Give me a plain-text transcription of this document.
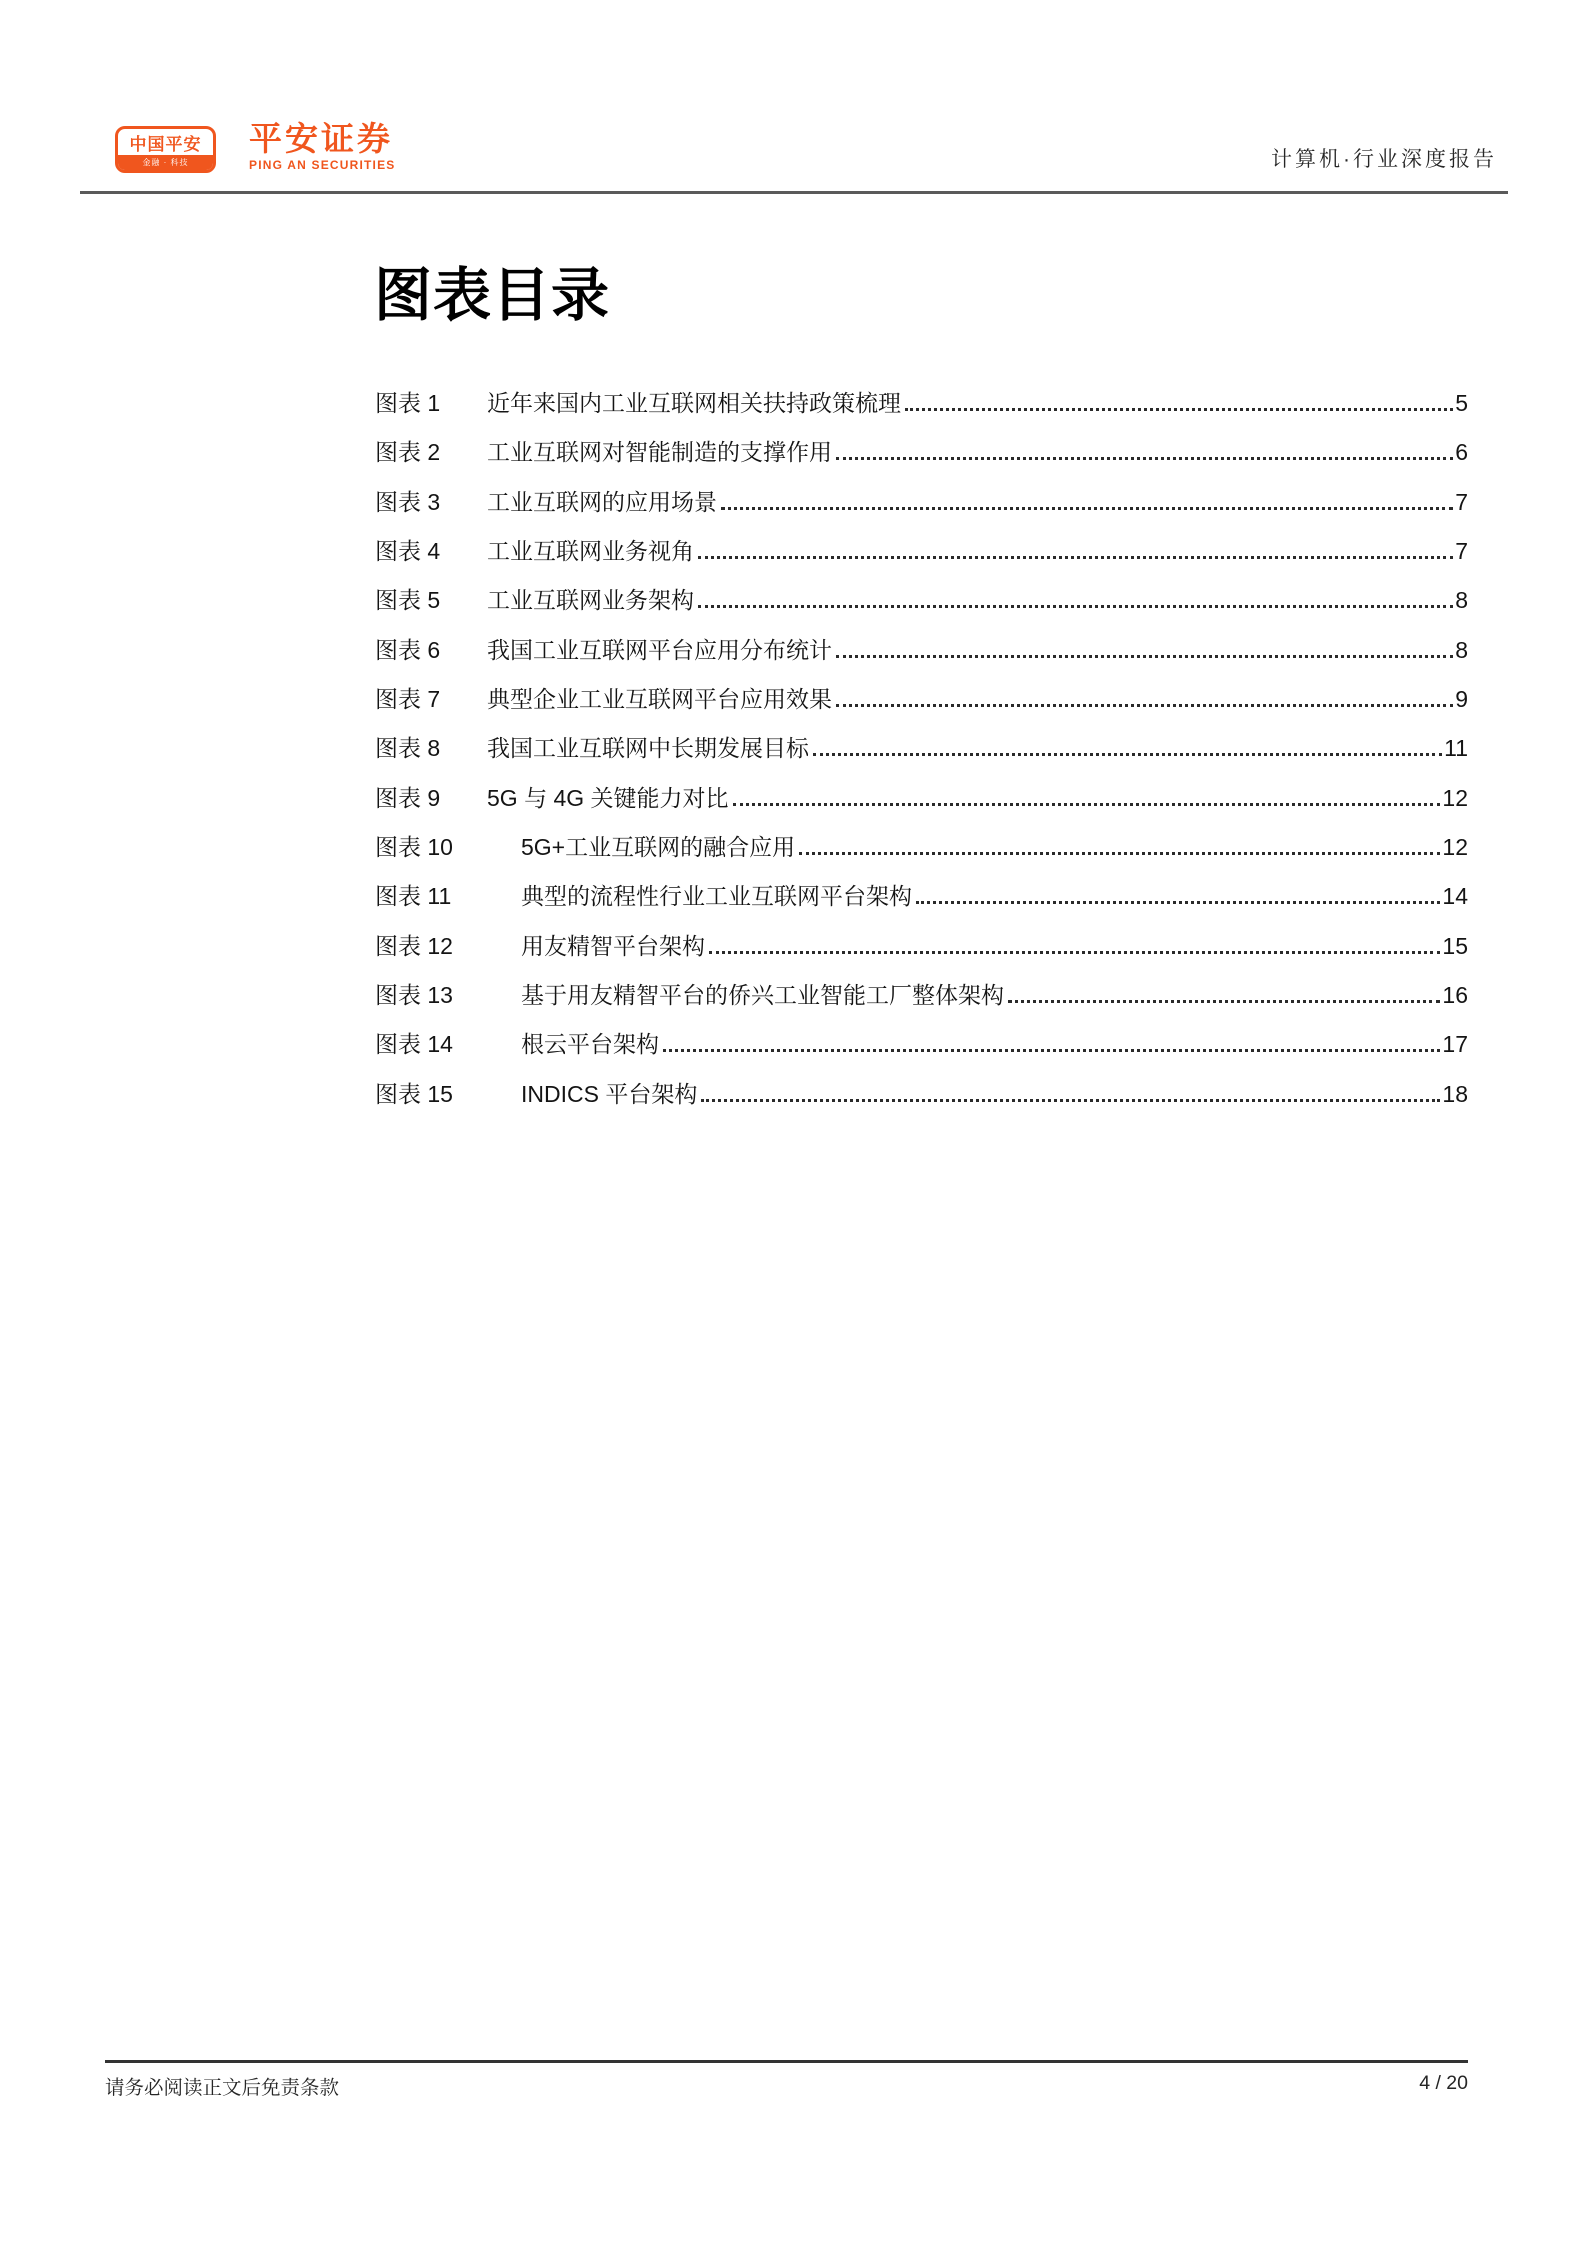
中国平安
金融 · 科技
平安证券
PING AN SECURITIES	计算机·行业深度报告
图表目录
图表 1	近年来国内工业互联网相关扶持政策梳理	5
图表 2	工业互联网对智能制造的支撑作用	6
图表 3	工业互联网的应用场景	7
图表 4	工业互联网业务视角	7
图表 5	工业互联网业务架构	8
图表 6	我国工业互联网平台应用分布统计	8
图表 7	典型企业工业互联网平台应用效果	9
图表 8	我国工业互联网中长期发展目标	11
图表 9	5G 与 4G 关键能力对比	12
图表 10	5G+工业互联网的融合应用	12
图表 11	典型的流程性行业工业互联网平台架构	14
图表 12	用友精智平台架构	15
图表 13	基于用友精智平台的侨兴工业智能工厂整体架构	16
图表 14	根云平台架构	17
图表 15	INDICS 平台架构	18
请务必阅读正文后免责条款	4 / 20
